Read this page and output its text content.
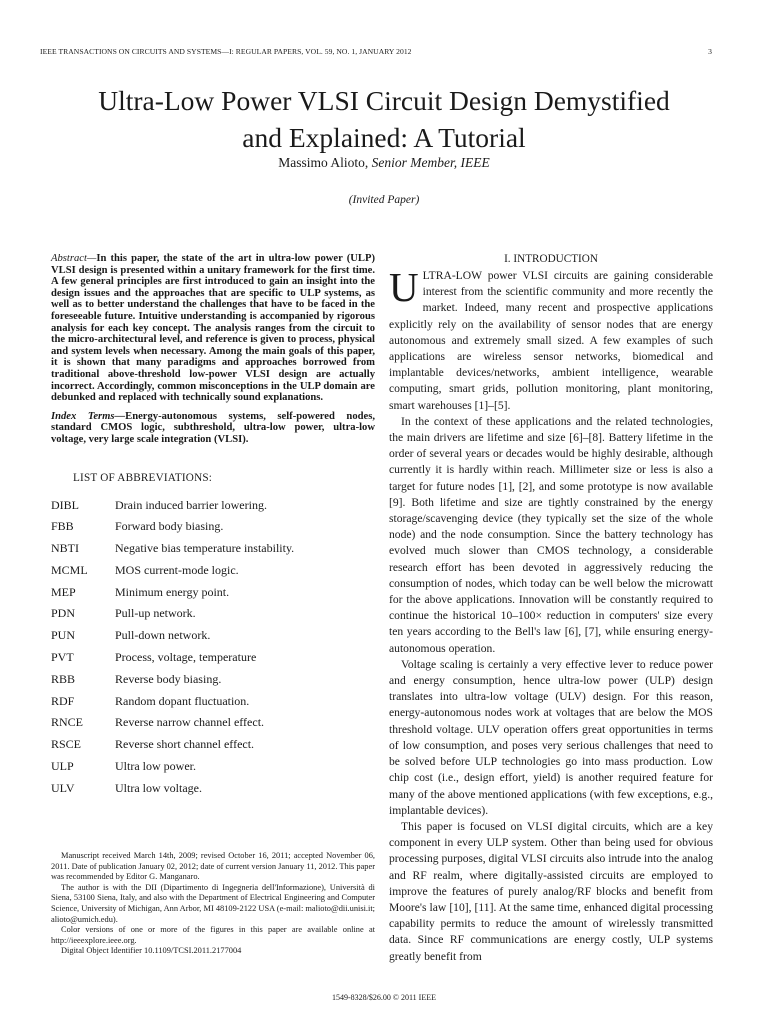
IEEE TRANSACTIONS ON CIRCUITS AND SYSTEMS—I: REGULAR PAPERS, VOL. 59, NO. 1, JANUARY 2012	3
Ultra-Low Power VLSI Circuit Design Demystified
and Explained: A Tutorial
Massimo Alioto, Senior Member, IEEE
(Invited Paper)

Abstract—In this paper, the state of the art in ultra-low power (ULP) VLSI design is presented within a unitary framework for the first time. A few general principles are first introduced to gain an insight into the design issues and the approaches that are specific to ULP systems, as well as to better understand the challenges that have to be faced in the foreseeable future. Intuitive understanding is accompanied by rigorous analysis for each key concept. The analysis ranges from the circuit to the micro-architectural level, and reference is given to process, physical and system levels when necessary. Among the main goals of this paper, it is shown that many paradigms and approaches borrowed from traditional above-threshold low-power VLSI design are actually incorrect. Accordingly, common misconceptions in the ULP domain are debunked and replaced with technically sound explanations.

Index Terms—Energy-autonomous systems, self-powered nodes, standard CMOS logic, subthreshold, ultra-low power, ultra-low voltage, very large scale integration (VLSI).

LIST OF ABBREVIATIONS:
DIBL	Drain induced barrier lowering.
FBB	Forward body biasing.
NBTI	Negative bias temperature instability.
MCML	MOS current-mode logic.
MEP	Minimum energy point.
PDN	Pull-up network.
PUN	Pull-down network.
PVT	Process, voltage, temperature
RBB	Reverse body biasing.
RDF	Random dopant fluctuation.
RNCE	Reverse narrow channel effect.
RSCE	Reverse short channel effect.
ULP	Ultra low power.
ULV	Ultra low voltage.

Manuscript received March 14th, 2009; revised October 16, 2011; accepted November 06, 2011. Date of publication January 02, 2012; date of current version January 11, 2012. This paper was recommended by Editor G. Manganaro.

The author is with the DII (Dipartimento di Ingegneria dell'Informazione), Università di Siena, 53100 Siena, Italy, and also with the Department of Electrical Engineering and Computer Science, University of Michigan, Ann Arbor, MI 48109-2122 USA (e-mail: malioto@dii.unisi.it; alioto@umich.edu).

Color versions of one or more of the figures in this paper are available online at http://ieeexplore.ieee.org.

Digital Object Identifier 10.1109/TCSI.2011.2177004

I. INTRODUCTION

ULTRA-LOW power VLSI circuits are gaining considerable interest from the scientific community and more recently the market. Indeed, many recent and prospective applications explicitly rely on the availability of sensor nodes that are energy autonomous and extremely small sized. A few examples of such applications are wireless sensor networks, biomedical and implantable devices/networks, ambient intelligence, wearable computing, smart grids, pollution monitoring, plant monitoring, smart warehouses [1]–[5].

In the context of these applications and the related technologies, the main drivers are lifetime and size [6]–[8]. Battery lifetime in the order of several years or decades would be highly desirable, although currently it is hardly within reach. Millimeter size or less is also a target for future nodes [1], [2], and some prototype is now available [9]. Both lifetime and size are tightly constrained by the energy storage/scavenging device (they typically set the size of the whole node) and the node consumption. Since the battery technology has evolved much slower than CMOS technology, a considerable research effort has been devoted in aggressively reducing the consumption of nodes, which today can be well below the microwatt for the above applications. Innovation will be constantly required to continue the historical 10–100× reduction in computers' size every ten years according to the Bell's law [6], [7], while ensuring energy-autonomous operation.

Voltage scaling is certainly a very effective lever to reduce power and energy consumption, hence ultra-low power (ULP) design translates into ultra-low voltage (ULV) design. For this reason, energy-autonomous nodes work at voltages that are below the MOS threshold voltage. ULV operation offers great opportunities in terms of low consumption, and poses very serious challenges that need to be solved before ULP technologies go into mass production. Low chip cost (i.e., design effort, yield) is another required feature for many of the above mentioned applications (with few exceptions, e.g., implantable devices).

This paper is focused on VLSI digital circuits, which are a key component in every ULP system. Other than being used for obvious processing purposes, digital VLSI circuits also intrude into the analog and RF realm, where digitally-assisted circuits are employed to improve the features of purely analog/RF blocks and benefit from Moore's law [10], [11]. At the same time, enhanced digital processing capability permits to reduce the amount of wirelessly transmitted data. Since RF communications are energy costly, ULP systems greatly benefit from

1549-8328/$26.00 © 2011 IEEE
